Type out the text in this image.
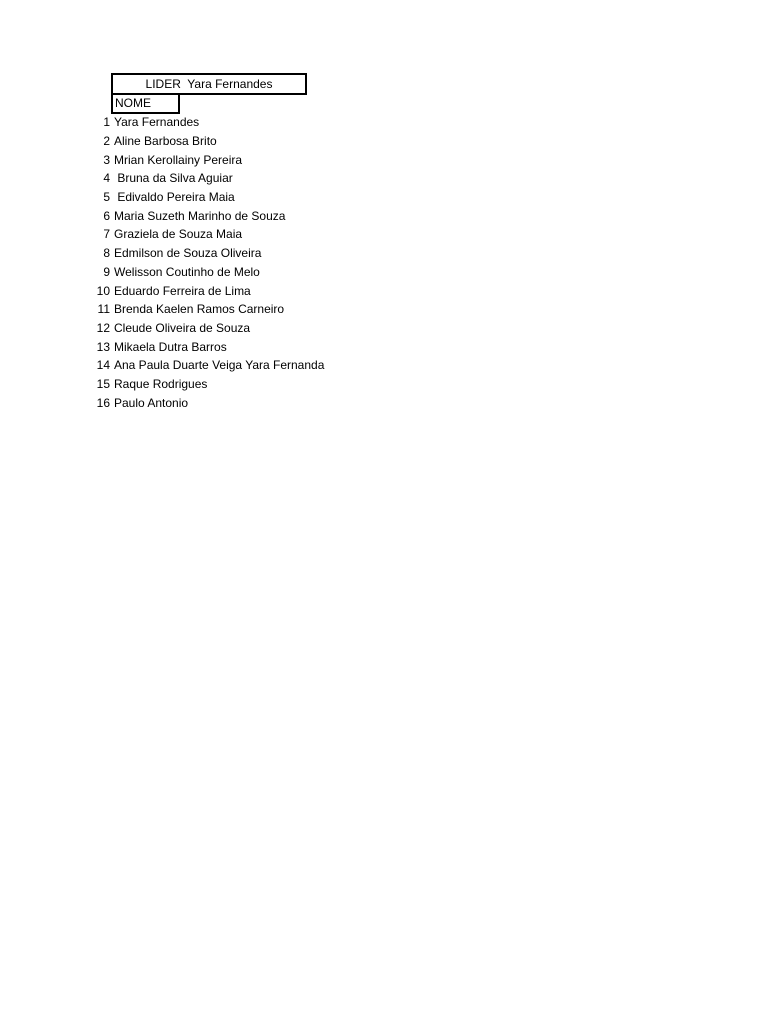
LIDER  Yara Fernandes
NOME
1 Yara Fernandes
2 Aline Barbosa Brito
3 Mrian Kerollainy Pereira
4 Bruna da Silva Aguiar
5 Edivaldo Pereira Maia
6 Maria Suzeth Marinho de Souza
7 Graziela de Souza Maia
8 Edmilson de Souza Oliveira
9 Welisson Coutinho de Melo
10 Eduardo Ferreira de Lima
11 Brenda Kaelen Ramos Carneiro
12 Cleude Oliveira de Souza
13 Mikaela Dutra Barros
14 Ana Paula Duarte Veiga Yara Fernanda
15 Raque Rodrigues
16 Paulo Antonio
